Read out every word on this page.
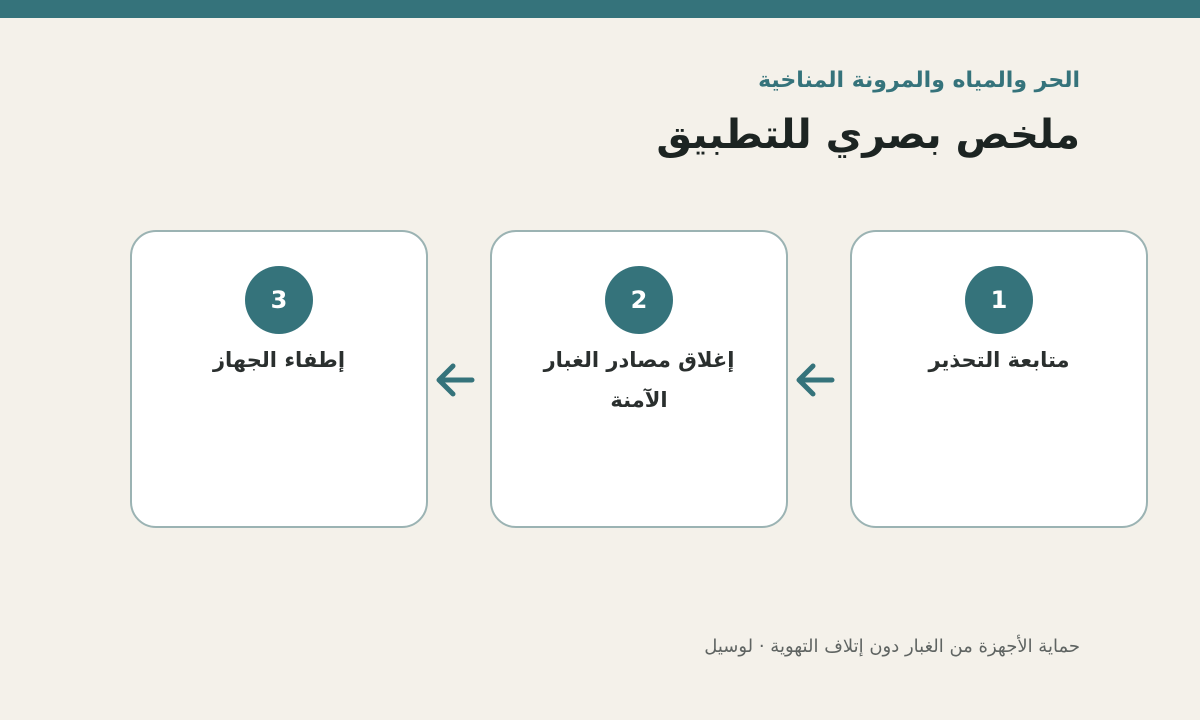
الحر والمياه والمرونة المناخية
ملخص بصري للتطبيق
1
متابعة التحذير
2
إغلاق مصادر الغبار الآمنة
3
إطفاء الجهاز

حماية الأجهزة من الغبار دون إتلاف التهوية · لوسيل
